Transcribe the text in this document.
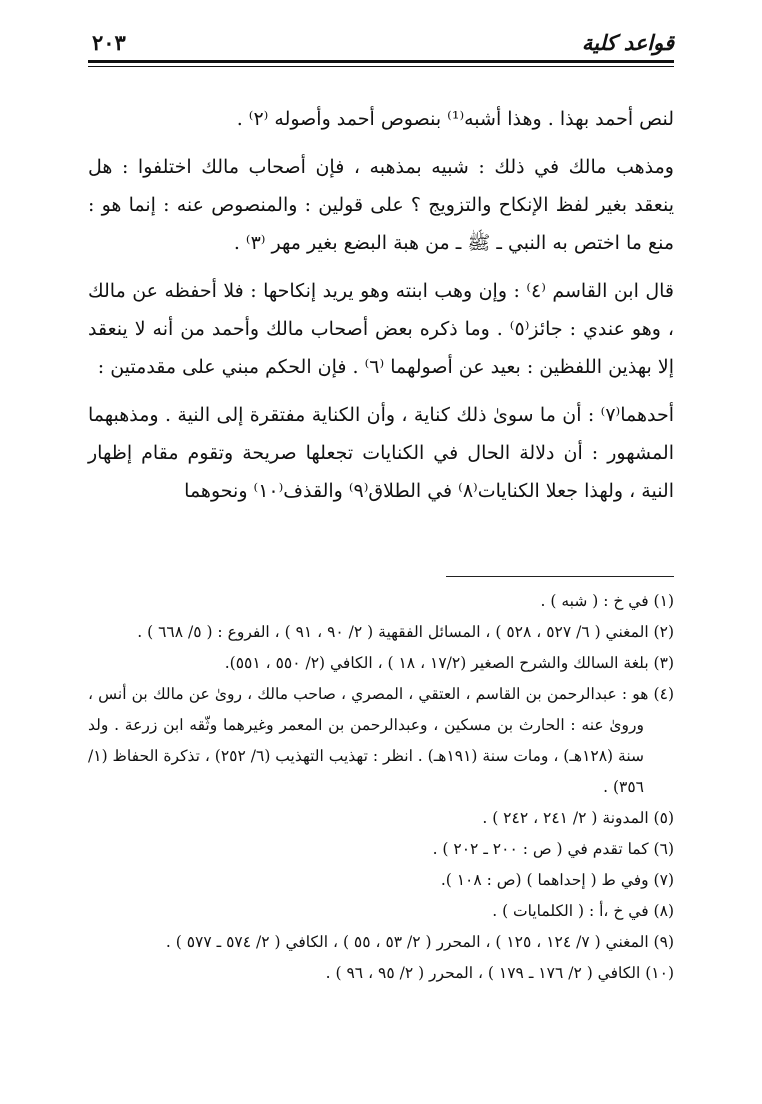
قواعد كلية
٢٠٣

لنص أحمد بهذا . وهذا أشبه⁽¹⁾ بنصوص أحمد وأصوله ⁽٢⁾ .

ومذهب مالك في ذلك : شبيه بمذهبه ، فإن أصحاب مالك اختلفوا : هل ينعقد بغير لفظ الإنكاح والتزويج ؟ على قولين : والمنصوص عنه : إنما هو : منع ما اختص به النبي ـ ﷺ ـ من هبة البضع بغير مهر ⁽٣⁾ .

قال ابن القاسم ⁽٤⁾ : وإن وهب ابنته وهو يريد إنكاحها : فلا أحفظه عن مالك ، وهو عندي : جائز⁽٥⁾ . وما ذكره بعض أصحاب مالك وأحمد من أنه لا ينعقد إلا بهذين اللفظين : بعيد عن أصولهما ⁽٦⁾ . فإن الحكم مبني على مقدمتين :

أحدهما⁽٧⁾ : أن ما سوىٰ ذلك كناية ، وأن الكناية مفتقرة إلى النية . ومذهبهما المشهور : أن دلالة الحال في الكنايات تجعلها صريحة وتقوم مقام إظهار النية ، ولهذا جعلا الكنايات⁽٨⁾ في الطلاق⁽٩⁾ والقذف⁽١٠⁾ ونحوهما

(١) في خ : ( شبه ) .

(٢) المغني ( ٦/ ٥٢٧ ، ٥٢٨ ) ، المسائل الفقهية ( ٢/ ٩٠ ، ٩١ ) ، الفروع : ( ٥/ ٦٦٨ ) .

(٣) بلغة السالك والشرح الصغير (١٧/٢ ، ١٨ ) ، الكافي (٢/ ٥٥٠ ، ٥٥١).

(٤) هو : عبدالرحمن بن القاسم ، العتقي ، المصري ، صاحب مالك ، روىٰ عن مالك بن أنس ، وروىٰ عنه : الحارث بن مسكين ، وعبدالرحمن بن المعمر وغيرهما وثّقه ابن زرعة . ولد سنة (١٢٨هـ) ، ومات سنة (١٩١هـ) . انظر : تهذيب التهذيب (٦/ ٢٥٢) ، تذكرة الحفاظ (١/ ٣٥٦) .

(٥) المدونة ( ٢/ ٢٤١ ، ٢٤٢ ) .

(٦) كما تقدم في ( ص : ٢٠٠ ـ ٢٠٢ ) .

(٧) وفي ط ( إحداهما ) (ص : ١٠٨ ).

(٨) في خ ،أ : ( الكلمايات ) .

(٩) المغني ( ٧/ ١٢٤ ، ١٢٥ ) ، المحرر ( ٢/ ٥٣ ، ٥٥ ) ، الكافي ( ٢/ ٥٧٤ ـ ٥٧٧ ) .

(١٠) الكافي ( ٢/ ١٧٦ ـ ١٧٩ ) ، المحرر ( ٢/ ٩٥ ، ٩٦ ) .
